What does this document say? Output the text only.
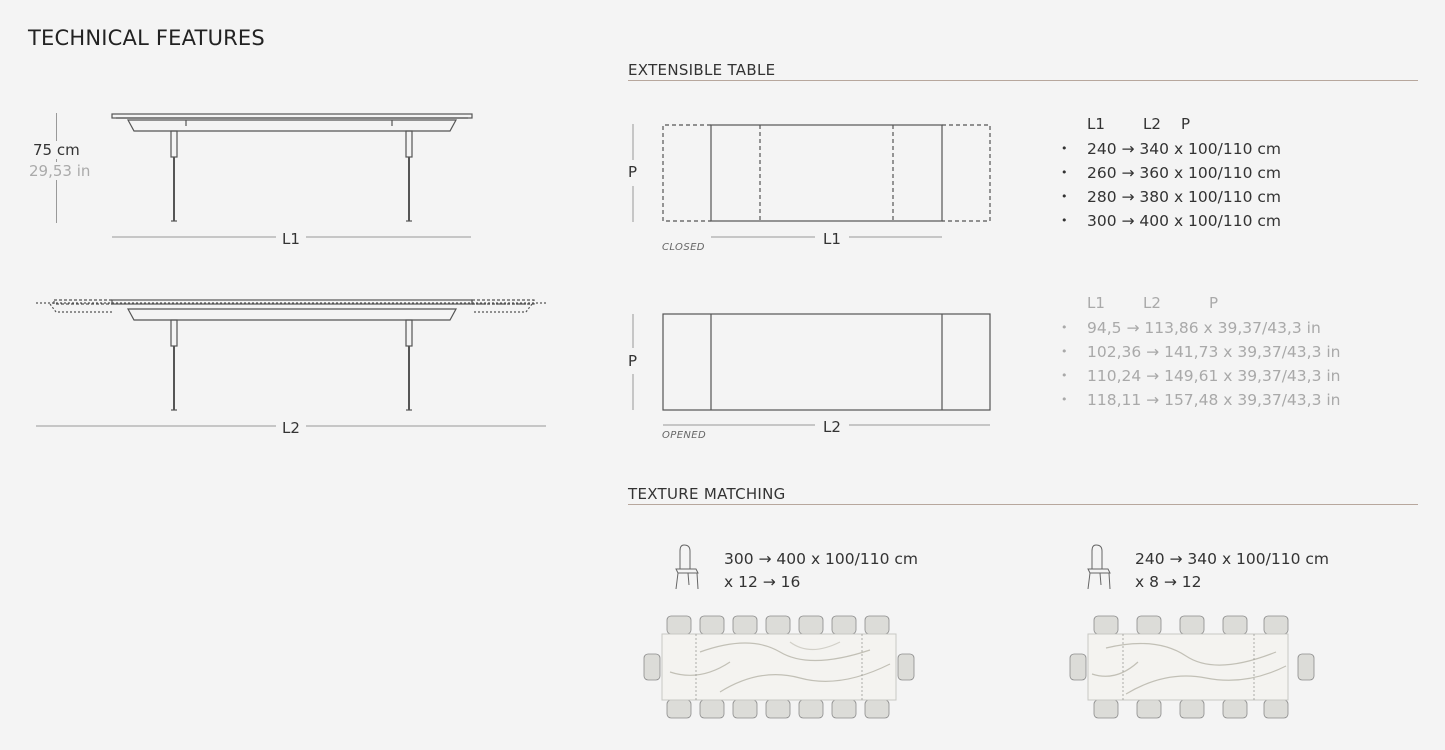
TECHNICAL FEATURES
75 cm
29,53 in
L1
L2
EXTENSIBLE TABLE
P
L1
CLOSED
P
L2
OPENED
L1	L2 P
• 240 → 340 x 100/110 cm
• 260 → 360 x 100/110 cm
• 280 → 380 x 100/110 cm
• 300 → 400 x 100/110 cm
L1	L2	P
• 94,5 → 113,86 x 39,37/43,3 in
• 102,36 → 141,73 x 39,37/43,3 in
• 110,24 → 149,61 x 39,37/43,3 in
• 118,11 → 157,48 x 39,37/43,3 in
TEXTURE MATCHING
300 → 400 x 100/110 cm
x 12 → 16
240 → 340 x 100/110 cm
x 8 → 12
